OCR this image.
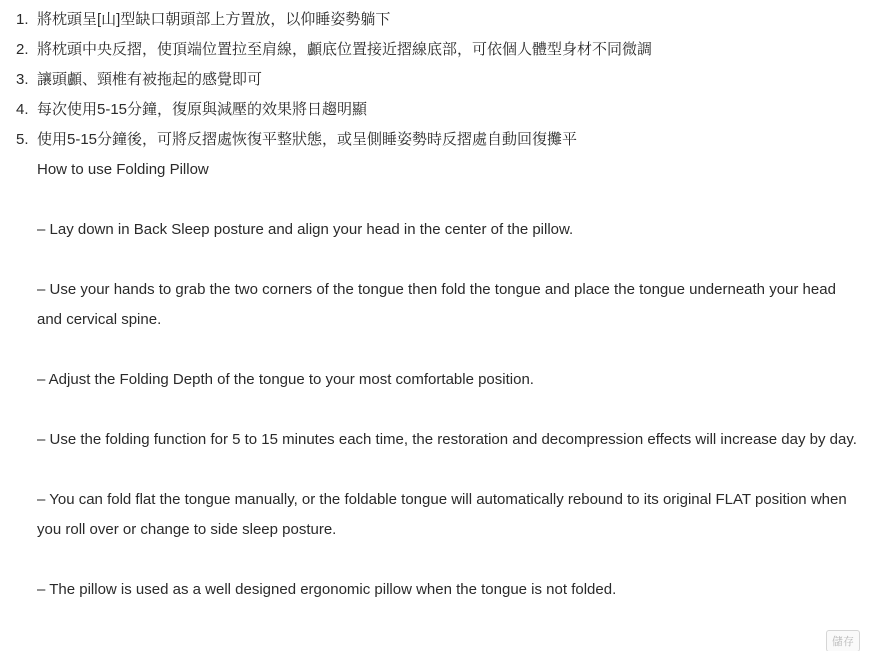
1. 將枕頭呈[山]型缺口朝頭部上方置放，以仰睡姿勢躺下
2. 將枕頭中央反摺，使頂端位置拉至肩線，顱底位置接近摺線底部，可依個人體型身材不同微調
3. 讓頭顱、頸椎有被拖起的感覺即可
4. 每次使用5-15分鐘，復原與減壓的效果將日趨明顯
5. 使用5-15分鐘後，可將反摺處恢復平整狀態，或呈側睡姿勢時反摺處自動回復攤平

How to use Folding Pillow

– Lay down in Back Sleep posture and align your head in the center of the pillow.

– Use your hands to grab the two corners of the tongue then fold the tongue and place the tongue underneath your head and cervical spine.

– Adjust the Folding Depth of the tongue to your most comfortable position.

– Use the folding function for 5 to 15 minutes each time, the restoration and decompression effects will increase day by day.

– You can fold flat the tongue manually, or the foldable tongue will automatically rebound to its original FLAT position when you roll over or change to side sleep posture.

– The pillow is used as a well designed ergonomic pillow when the tongue is not folded.

儲存
